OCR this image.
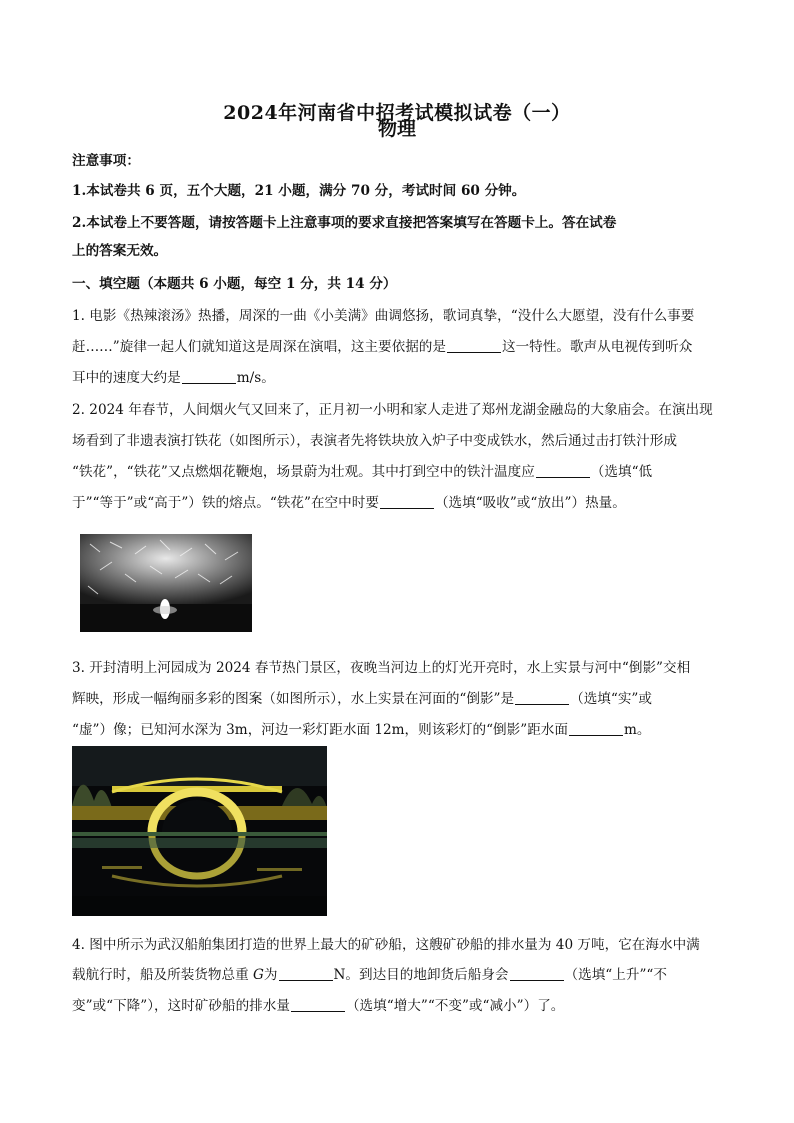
2024年河南省中招考试模拟试卷（一）
物理
注意事项：
1.本试卷共 6 页，五个大题，21 小题，满分 70 分，考试时间 60 分钟。
2.本试卷上不要答题，请按答题卡上注意事项的要求直接把答案填写在答题卡上。答在试卷
上的答案无效。
一、填空题（本题共 6 小题，每空 1 分，共 14 分）
1. 电影《热辣滚汤》热播，周深的一曲《小美满》曲调悠扬，歌词真挚，“没什么大愿望，没有什么事要
赶……”旋律一起人们就知道这是周深在演唱，这主要依据的是	这一特性。歌声从电视传到听众
耳中的速度大约是	m/s。
2. 2024 年春节，人间烟火气又回来了，正月初一小明和家人走进了郑州龙湖金融岛的大象庙会。在演出现
场看到了非遗表演打铁花（如图所示），表演者先将铁块放入炉子中变成铁水，然后通过击打铁汁形成
“铁花”，“铁花”又点燃烟花鞭炮，场景蔚为壮观。其中打到空中的铁汁温度应	（选填“低
于”“等于”或“高于”）铁的熔点。“铁花”在空中时要	（选填“吸收”或“放出”）热量。
3. 开封清明上河园成为 2024 春节热门景区，夜晚当河边上的灯光开亮时，水上实景与河中“倒影”交相
辉映，形成一幅绚丽多彩的图案（如图所示），水上实景在河面的“倒影”是	（选填“实”或
“虚”）像；已知河水深为 3m，河边一彩灯距水面 12m，则该彩灯的“倒影”距水面	m。
4. 图中所示为武汉船舶集团打造的世界上最大的矿砂船，这艘矿砂船的排水量为 40 万吨，它在海水中满
载航行时，船及所装货物总重 G为	N。到达目的地卸货后船身会	（选填“上升”“不
变”或“下降”），这时矿砂船的排水量	（选填“增大”“不变”或“减小”）了。
